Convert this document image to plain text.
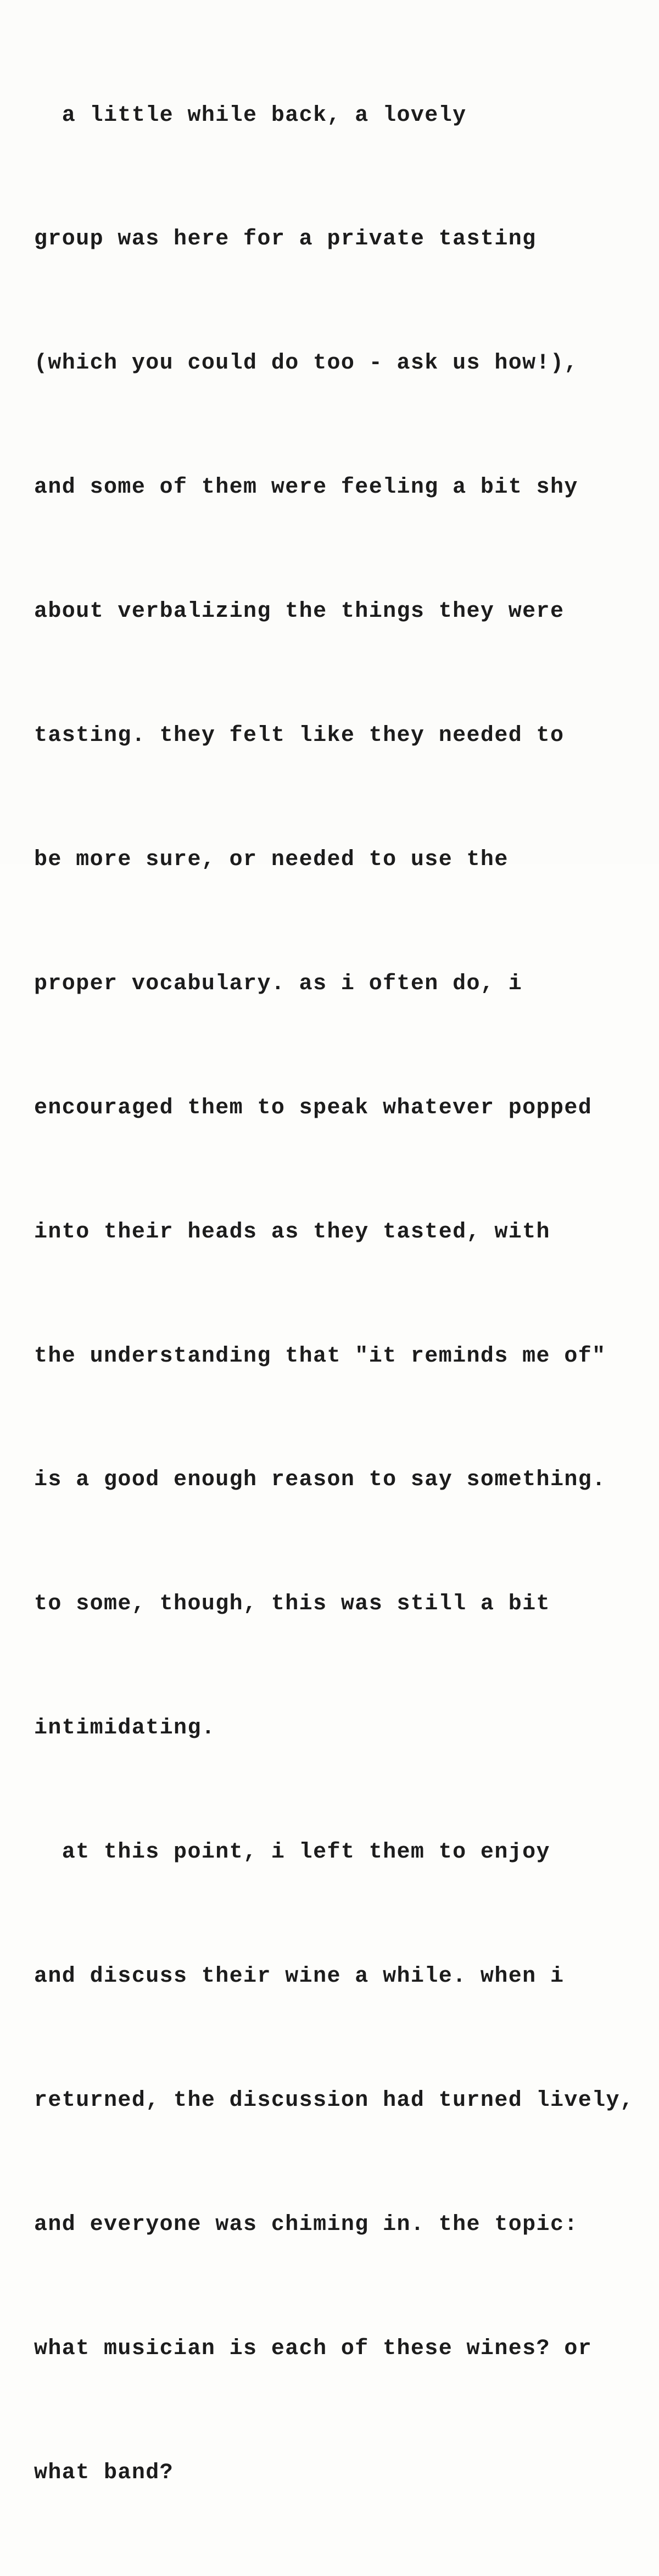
a little while back, a lovely

group was here for a private tasting

(which you could do too - ask us how!),

and some of them were feeling a bit shy

about verbalizing the things they were

tasting. they felt like they needed to

be more sure, or needed to use the

proper vocabulary. as i often do, i

encouraged them to speak whatever popped

into their heads as they tasted, with

the understanding that "it reminds me of"

is a good enough reason to say something.

to some, though, this was still a bit

intimidating.

at this point, i left them to enjoy

and discuss their wine a while. when i

returned, the discussion had turned lively,

and everyone was chiming in. the topic:

what musician is each of these wines? or

what band?
